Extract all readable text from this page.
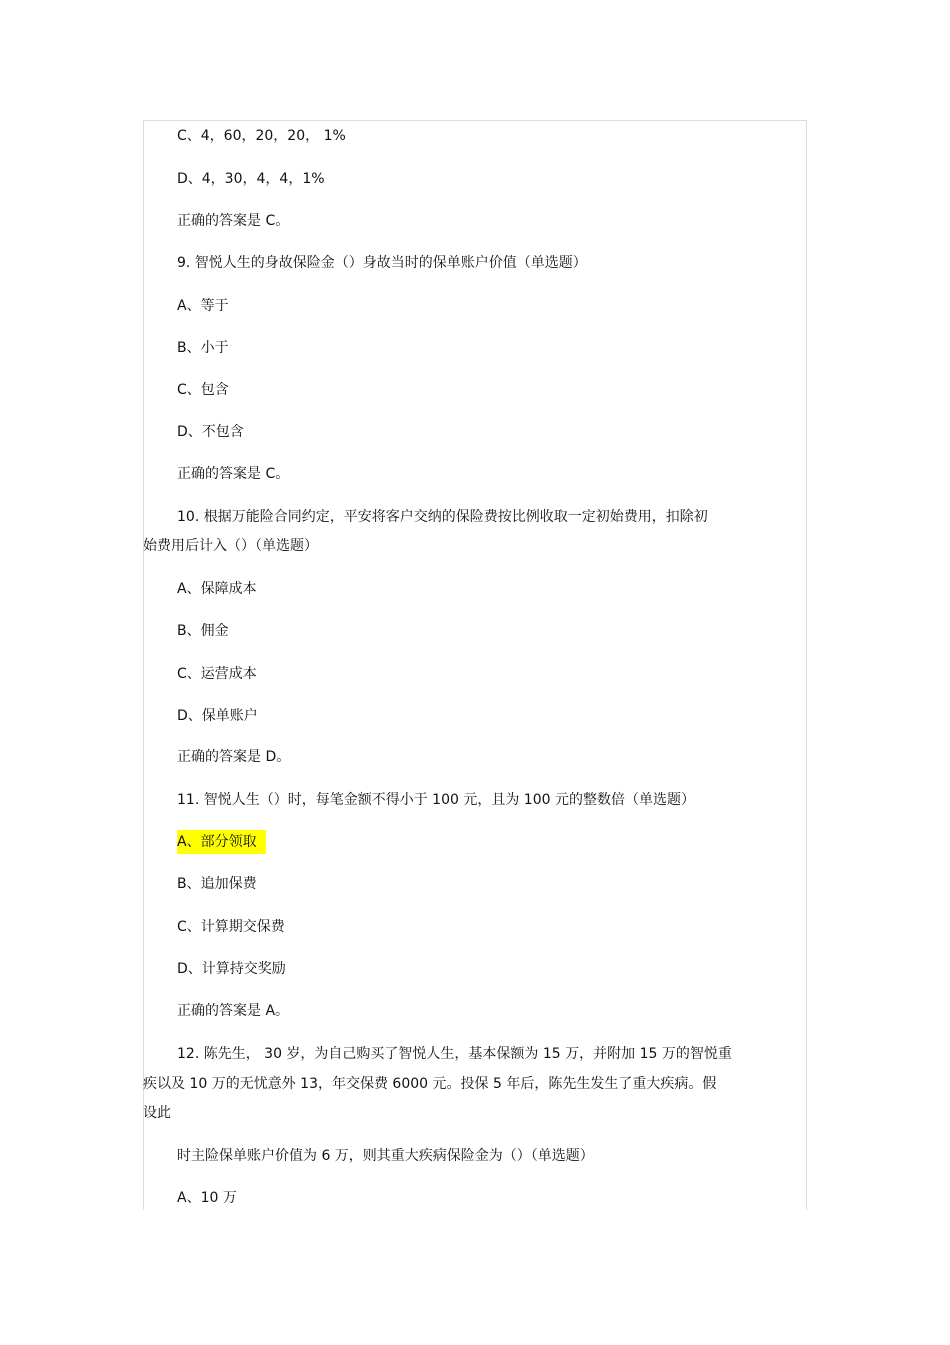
C、4，60，20，20， 1%
D、4，30，4，4，1%
正确的答案是 C。
9. 智悦人生的身故保险金（）身故当时的保单账户价值（单选题）
A、等于
B、小于
C、包含
D、不包含
正确的答案是 C。
10. 根据万能险合同约定，平安将客户交纳的保险费按比例收取一定初始费用，扣除初
始费用后计入（）（单选题）
A、保障成本
B、佣金
C、运营成本
D、保单账户
正确的答案是 D。
11. 智悦人生（）时，每笔金额不得小于 100 元，且为 100 元的整数倍（单选题）
A、部分领取
B、追加保费
C、计算期交保费
D、计算持交奖励
正确的答案是 A。
12. 陈先生， 30 岁，为自己购买了智悦人生，基本保额为 15 万，并附加 15 万的智悦重
疾以及 10 万的无忧意外 13，年交保费 6000 元。投保 5 年后，陈先生发生了重大疾病。假
设此
时主险保单账户价值为 6 万，则其重大疾病保险金为（）（单选题）
A、10 万
